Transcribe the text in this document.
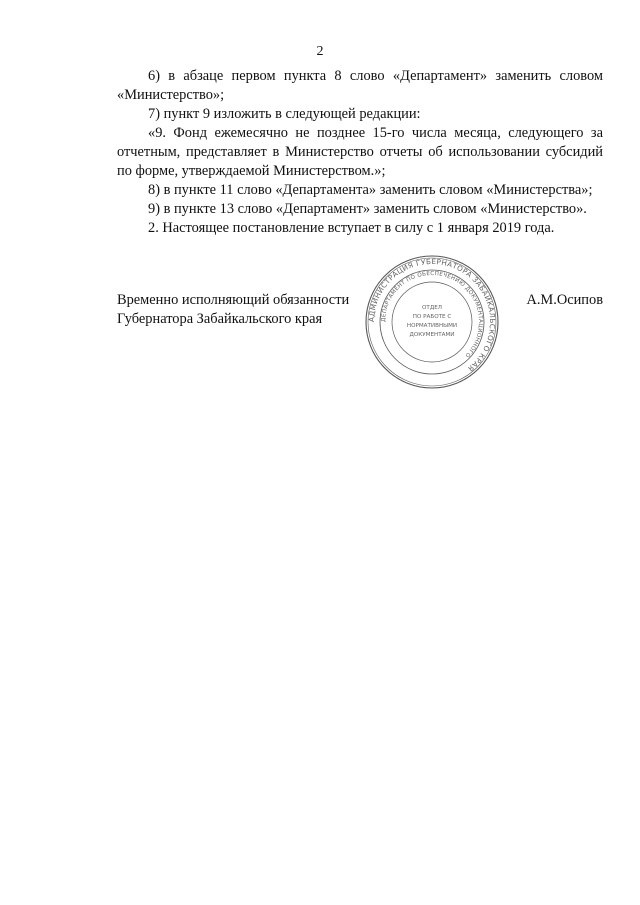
2

6) в абзаце первом пункта 8 слово «Департамент» заменить словом «Министерство»;

7) пункт 9 изложить в следующей редакции:

«9. Фонд ежемесячно не позднее 15-го числа месяца, следующего за отчетным, представляет в Министерство отчеты об использовании субсидий по форме, утверждаемой Министерством.»;

8) в пункте 11 слово «Департамента» заменить словом «Министерства»;

9) в пункте 13 слово «Департамент» заменить словом «Министерство».

2. Настоящее постановление вступает в силу с 1 января 2019 года.

Временно исполняющий обязанности
Губернатора Забайкальского края
А.М.Осипов
АДМИНИСТРАЦИЯ ГУБЕРНАТОРА ЗАБАЙКАЛЬСКОГО КРАЯ
ДЕПАРТАМЕНТ ПО ОБЕСПЕЧЕНИЮ ДОКУМЕНТАЦИОННОГО
ОТДЕЛ
ПО РАБОТЕ С
НОРМАТИВНЫМИ
ДОКУМЕНТАМИ
